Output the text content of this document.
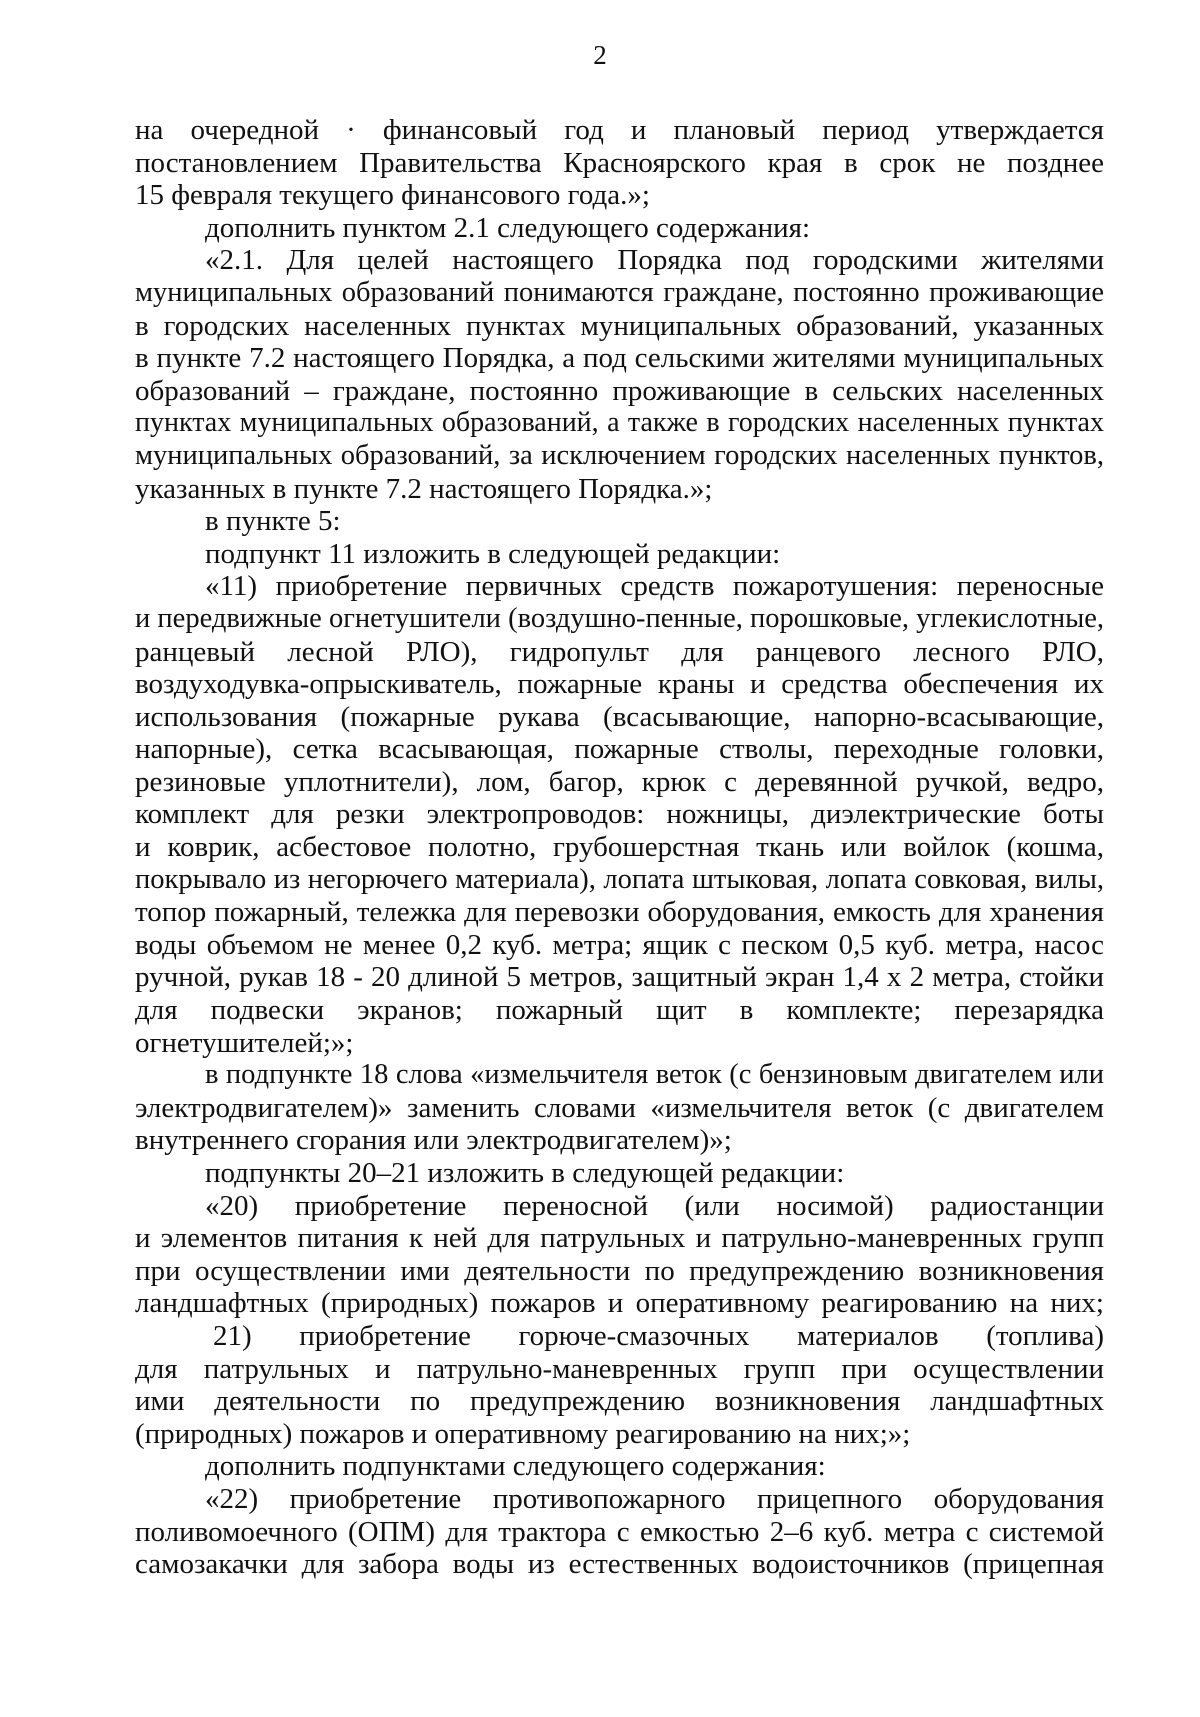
2
на очередной · финансовый год и плановый период утверждается
постановлением Правительства Красноярского края в срок не позднее
15 февраля текущего финансового года.»;
дополнить пунктом 2.1 следующего содержания:
«2.1. Для целей настоящего Порядка под городскими жителями
муниципальных образований понимаются граждане, постоянно проживающие
в городских населенных пунктах муниципальных образований, указанных
в пункте 7.2 настоящего Порядка, а под сельскими жителями муниципальных
образований – граждане, постоянно проживающие в сельских населенных
пунктах муниципальных образований, а также в городских населенных пунктах
муниципальных образований, за исключением городских населенных пунктов,
указанных в пункте 7.2 настоящего Порядка.»;
в пункте 5:
подпункт 11 изложить в следующей редакции:
«11) приобретение первичных средств пожаротушения: переносные
и передвижные огнетушители (воздушно-пенные, порошковые, углекислотные,
ранцевый лесной РЛО), гидропульт для ранцевого лесного РЛО,
воздуходувка-опрыскиватель, пожарные краны и средства обеспечения их
использования (пожарные рукава (всасывающие, напорно-всасывающие,
напорные), сетка всасывающая, пожарные стволы, переходные головки,
резиновые уплотнители), лом, багор, крюк с деревянной ручкой, ведро,
комплект для резки электропроводов: ножницы, диэлектрические боты
и коврик, асбестовое полотно, грубошерстная ткань или войлок (кошма,
покрывало из негорючего материала), лопата штыковая, лопата совковая, вилы,
топор пожарный, тележка для перевозки оборудования, емкость для хранения
воды объемом не менее 0,2 куб. метра; ящик с песком 0,5 куб. метра, насос
ручной, рукав 18 - 20 длиной 5 метров, защитный экран 1,4 х 2 метра, стойки
для подвески экранов; пожарный щит в комплекте; перезарядка
огнетушителей;»;
в подпункте 18 слова «измельчителя веток (с бензиновым двигателем или
электродвигателем)» заменить словами «измельчителя веток (с двигателем
внутреннего сгорания или электродвигателем)»;
подпункты 20–21 изложить в следующей редакции:
«20) приобретение переносной (или носимой) радиостанции
и элементов питания к ней для патрульных и патрульно-маневренных групп
при осуществлении ими деятельности по предупреждению возникновения
ландшафтных (природных) пожаров и оперативному реагированию на них;
21) приобретение горюче-смазочных материалов (топлива)
для патрульных и патрульно-маневренных групп при осуществлении
ими деятельности по предупреждению возникновения ландшафтных
(природных) пожаров и оперативному реагированию на них;»;
дополнить подпунктами следующего содержания:
«22) приобретение противопожарного прицепного оборудования
поливомоечного (ОПМ) для трактора с емкостью 2–6 куб. метра с системой
самозакачки для забора воды из естественных водоисточников (прицепная
